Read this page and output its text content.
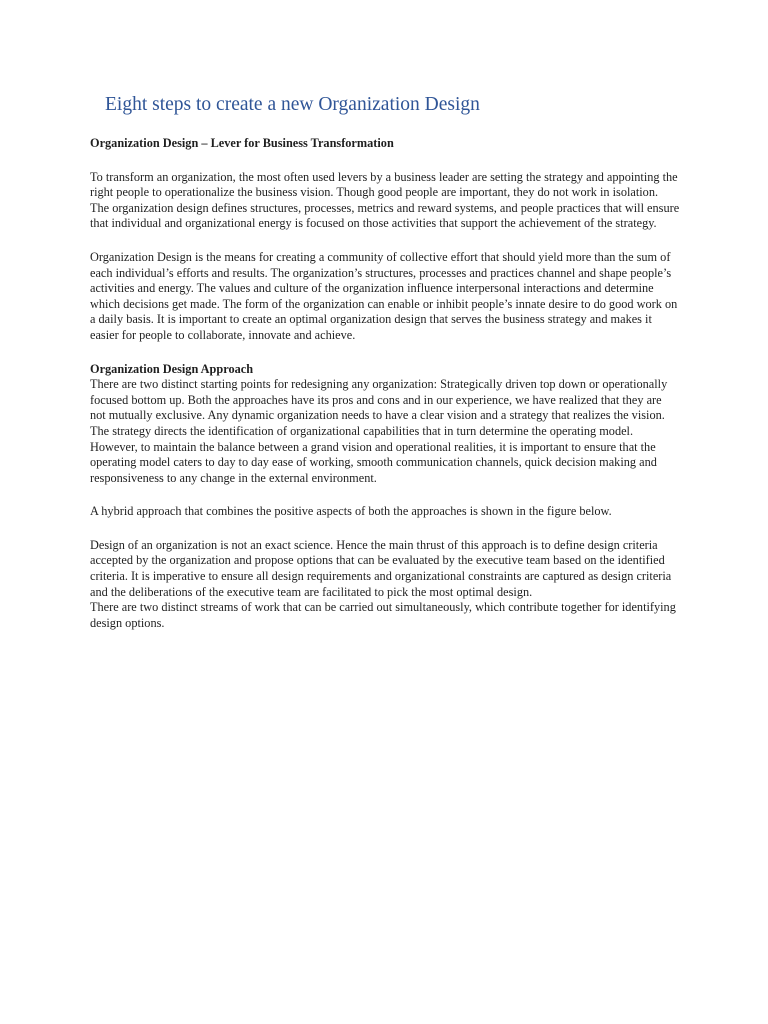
Eight steps to create a new Organization Design
Organization Design – Lever for Business Transformation

To transform an organization, the most often used levers by a business leader are setting the strategy and appointing the right people to operationalize the business vision. Though good people are important, they do not work in isolation. The organization design defines structures, processes, metrics and reward systems, and people practices that will ensure that individual and organizational energy is focused on those activities that support the achievement of the strategy.

Organization Design is the means for creating a community of collective effort that should yield more than the sum of each individual’s efforts and results. The organization’s structures, processes and practices channel and shape people’s activities and energy. The values and culture of the organization influence interpersonal interactions and determine which decisions get made. The form of the organization can enable or inhibit people’s innate desire to do good work on a daily basis. It is important to create an optimal organization design that serves the business strategy and makes it easier for people to collaborate, innovate and achieve.

Organization Design Approach

There are two distinct starting points for redesigning any organization: Strategically driven top down or operationally focused bottom up. Both the approaches have its pros and cons and in our experience, we have realized that they are not mutually exclusive. Any dynamic organization needs to have a clear vision and a strategy that realizes the vision. The strategy directs the identification of organizational capabilities that in turn determine the operating model. However, to maintain the balance between a grand vision and operational realities, it is important to ensure that the operating model caters to day to day ease of working, smooth communication channels, quick decision making and responsiveness to any change in the external environment.

A hybrid approach that combines the positive aspects of both the approaches is shown in the figure below.

Design of an organization is not an exact science. Hence the main thrust of this approach is to define design criteria accepted by the organization and propose options that can be evaluated by the executive team based on the identified criteria. It is imperative to ensure all design requirements and organizational constraints are captured as design criteria and the deliberations of the executive team are facilitated to pick the most optimal design.

There are two distinct streams of work that can be carried out simultaneously, which contribute together for identifying design options.
